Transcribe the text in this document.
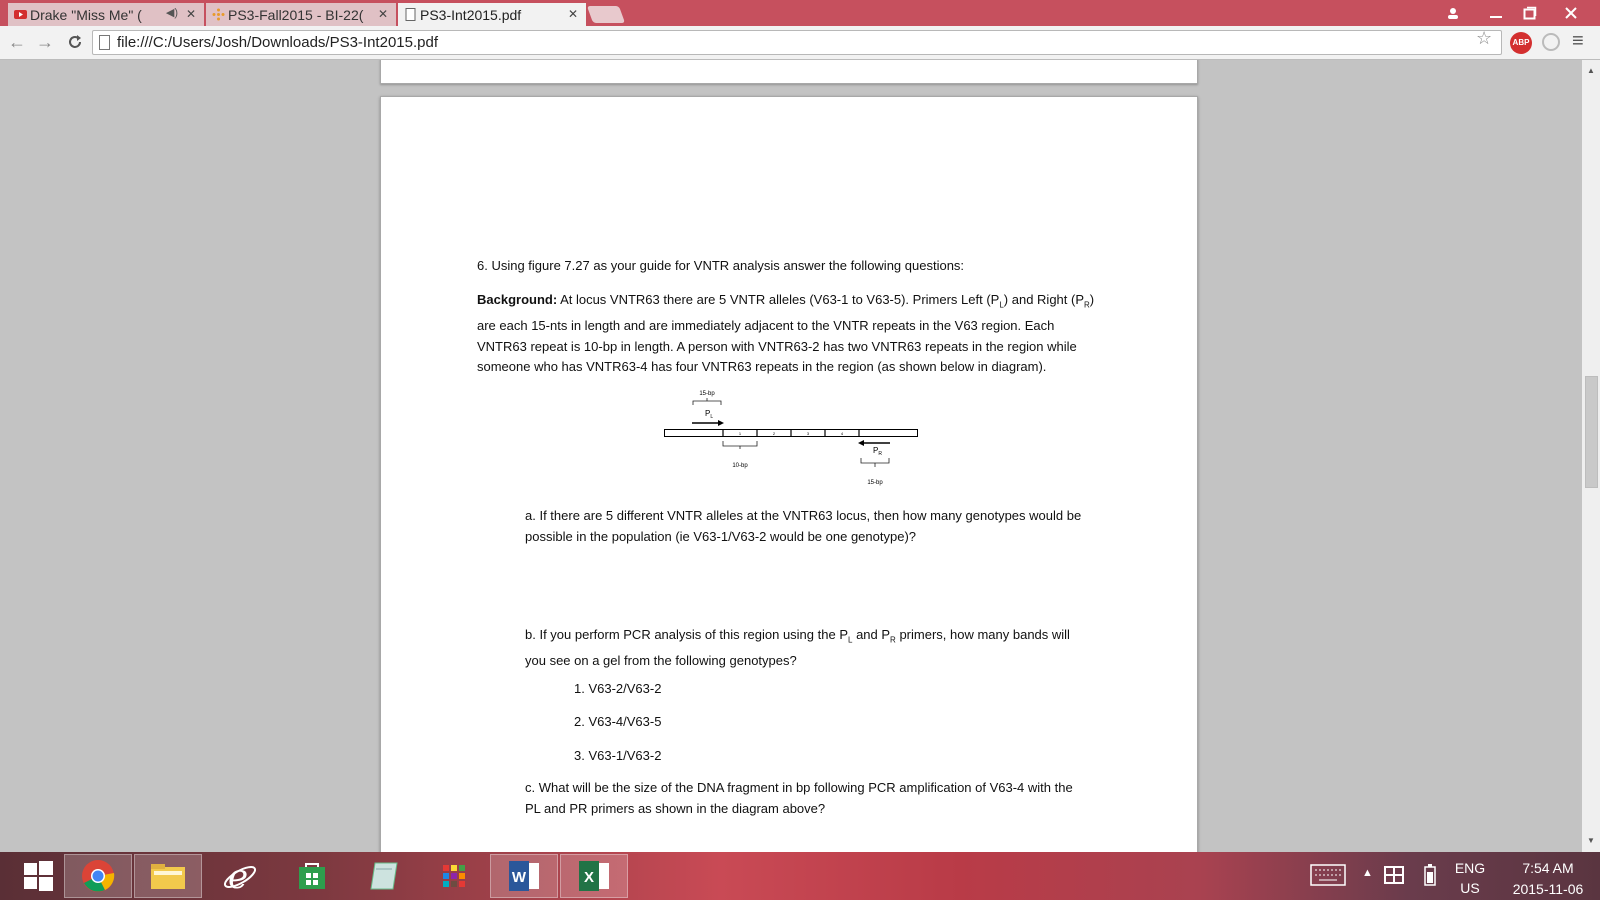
Drake "Miss Me" ( ◀︎) ✕ PS3-Fall2015 - BI-22( ✕ PS3-Int2015.pdf	✕
← →
file:///C:/Users/Josh/Downloads/PS3-Int2015.pdf	☆	ABP ≡

6. Using figure 7.27 as your guide for VNTR analysis answer the following questions:

Background: At locus VNTR63 there are 5 VNTR alleles (V63-1 to V63-5). Primers Left $(P_L)$ and Right $(P_R)$
are each 15-nts in length and are immediately adjacent to the VNTR repeats in the V63 region. Each
VNTR63 repeat is 10-bp in length. A person with VNTR63-2 has two VNTR63 repeats in the region while
someone who has VNTR63-4 has four VNTR63 repeats in the region (as shown below in diagram).

15-bp
$P_L$
1	2	3	4
10-bp
$P_R$
15-bp

a. If there are 5 different VNTR alleles at the VNTR63 locus, then how many genotypes would be
possible in the population (ie V63-1/V63-2 would be one genotype)?

b. If you perform PCR analysis of this region using the $P_L$ and $P_R$ primers, how many bands will
you see on a gel from the following genotypes?

1. V63-2/V63-2

2. V63-4/V63-5

3. V63-1/V63-2

c. What will be the size of the DNA fragment in bp following PCR amplification of V63-4 with the
PL and PR primers as shown in the diagram above?

▲
▼
e	W	X	▲	ENG
US
7:54 AM
2015-11-06
